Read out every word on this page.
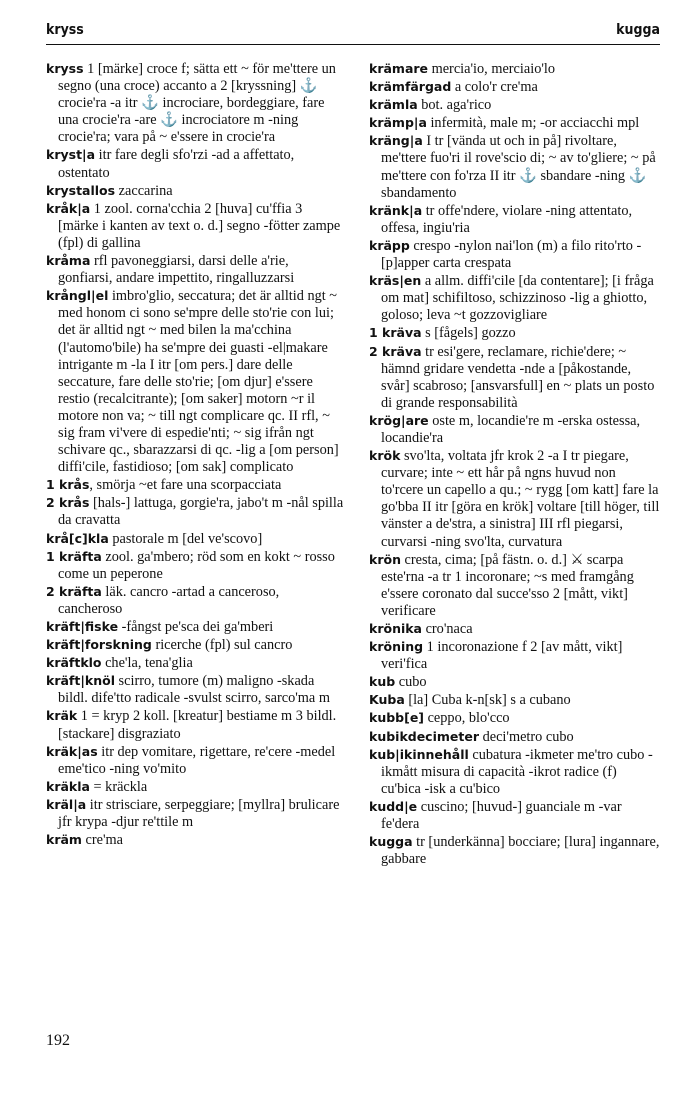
kryss	kugga

kryss 1 [märke] croce f; sätta ett ~ för me'ttere un segno (una croce) accanto a 2 [kryssning] ⚓ crocie'ra -a itr ⚓ incrociare, bordeggiare, fare una crocie'ra -are ⚓ incrociatore m -ning crocie'ra; vara på ~ e'ssere in crocie'ra

kryst|a itr fare degli sfo'rzi -ad a affettato, ostentato

krystallos zaccarina

kråk|a 1 zool. corna'cchia 2 [huva] cu'ffia 3 [märke i kanten av text o. d.] segno -fötter zampe (fpl) di gallina

kråma rfl pavoneggiarsi, darsi delle a'rie, gonfiarsi, andare impettito, ringalluzzarsi

krångl|el imbro'glio, seccatura; det är alltid ngt ~ med honom ci sono se'mpre delle sto'rie con lui; det är alltid ngt ~ med bilen la ma'cchina (l'automo'bile) ha se'mpre dei guasti -el|makare intrigante m -la I itr [om pers.] dare delle seccature, fare delle sto'rie; [om djur] e'ssere restio (recalcitrante); [om saker] motorn ~r il motore non va; ~ till ngt complicare qc. II rfl, ~ sig fram vi'vere di espedie'nti; ~ sig ifrån ngt schivare qc., sbarazzarsi di qc. -lig a [om person] diffi'cile, fastidioso; [om sak] complicato

1 krås, smörja ~et fare una scorpacciata

2 krås [hals-] lattuga, gorgie'ra, jabo't m -nål spilla da cravatta

krå[c]kla pastorale m [del ve'scovo]

1 kräfta zool. ga'mbero; röd som en kokt ~ rosso come un peperone

2 kräfta läk. cancro -artad a canceroso, cancheroso

kräft|fiske -fångst pe'sca dei ga'mberi

kräft|forskning ricerche (fpl) sul cancro

kräftklo che'la, tena'glia

kräft|knöl scirro, tumore (m) maligno -skada bildl. dife'tto radicale -svulst scirro, sarco'ma m

kräk 1 = kryp 2 koll. [kreatur] bestiame m 3 bildl. [stackare] disgraziato

kräk|as itr dep vomitare, rigettare, re'cere -medel eme'tico -ning vo'mito

kräkla = kräckla

kräl|a itr strisciare, serpeggiare; [myllra] brulicare jfr krypa -djur re'ttile m

kräm cre'ma

krämare mercia'io, merciaio'lo

krämfärgad a colo'r cre'ma

krämla bot. aga'rico

krämp|a infermità, male m; -or acciacchi mpl

kräng|a I tr [vända ut och in på] rivoltare, me'ttere fuo'ri il rove'scio di; ~ av to'gliere; ~ på me'ttere con fo'rza II itr ⚓ sbandare -ning ⚓ sbandamento

kränk|a tr offe'ndere, violare -ning attentato, offesa, ingiu'ria

kräpp crespo -nylon nai'lon (m) a filo rito'rto -[p]apper carta crespata

kräs|en a allm. diffi'cile [da contentare]; [i fråga om mat] schifiltoso, schizzinoso -lig a ghiotto, goloso; leva ~t gozzovigliare

1 kräva s [fågels] gozzo

2 kräva tr esi'gere, reclamare, richie'dere; ~ hämnd gridare vendetta -nde a [påkostande, svår] scabroso; [ansvarsfull] en ~ plats un posto di grande responsabilità

krög|are oste m, locandie're m -erska ostessa, locandie'ra

krök svo'lta, voltata jfr krok 2 -a I tr piegare, curvare; inte ~ ett hår på ngns huvud non to'rcere un capello a qu.; ~ rygg [om katt] fare la go'bba II itr [göra en krök] voltare [till höger, till vänster a de'stra, a sinistra] III rfl piegarsi, curvarsi -ning svo'lta, curvatura

krön cresta, cima; [på fästn. o. d.] ⚔ scarpa este'rna -a tr 1 incoronare; ~s med framgång e'ssere coronato dal succe'sso 2 [mått, vikt] verificare

krönika cro'naca

kröning 1 incoronazione f 2 [av mått, vikt] veri'fica

kub cubo

Kuba [la] Cuba k-n[sk] s a cubano

kubb[e] ceppo, blo'cco

kubikdecimeter deci'metro cubo

kub|ikinnehåll cubatura -ikmeter me'tro cubo -ikmått misura di capacità -ikrot radice (f) cu'bica -isk a cu'bico

kudd|e cuscino; [huvud-] guanciale m -var fe'dera

kugga tr [underkänna] bocciare; [lura] ingannare, gabbare

192
